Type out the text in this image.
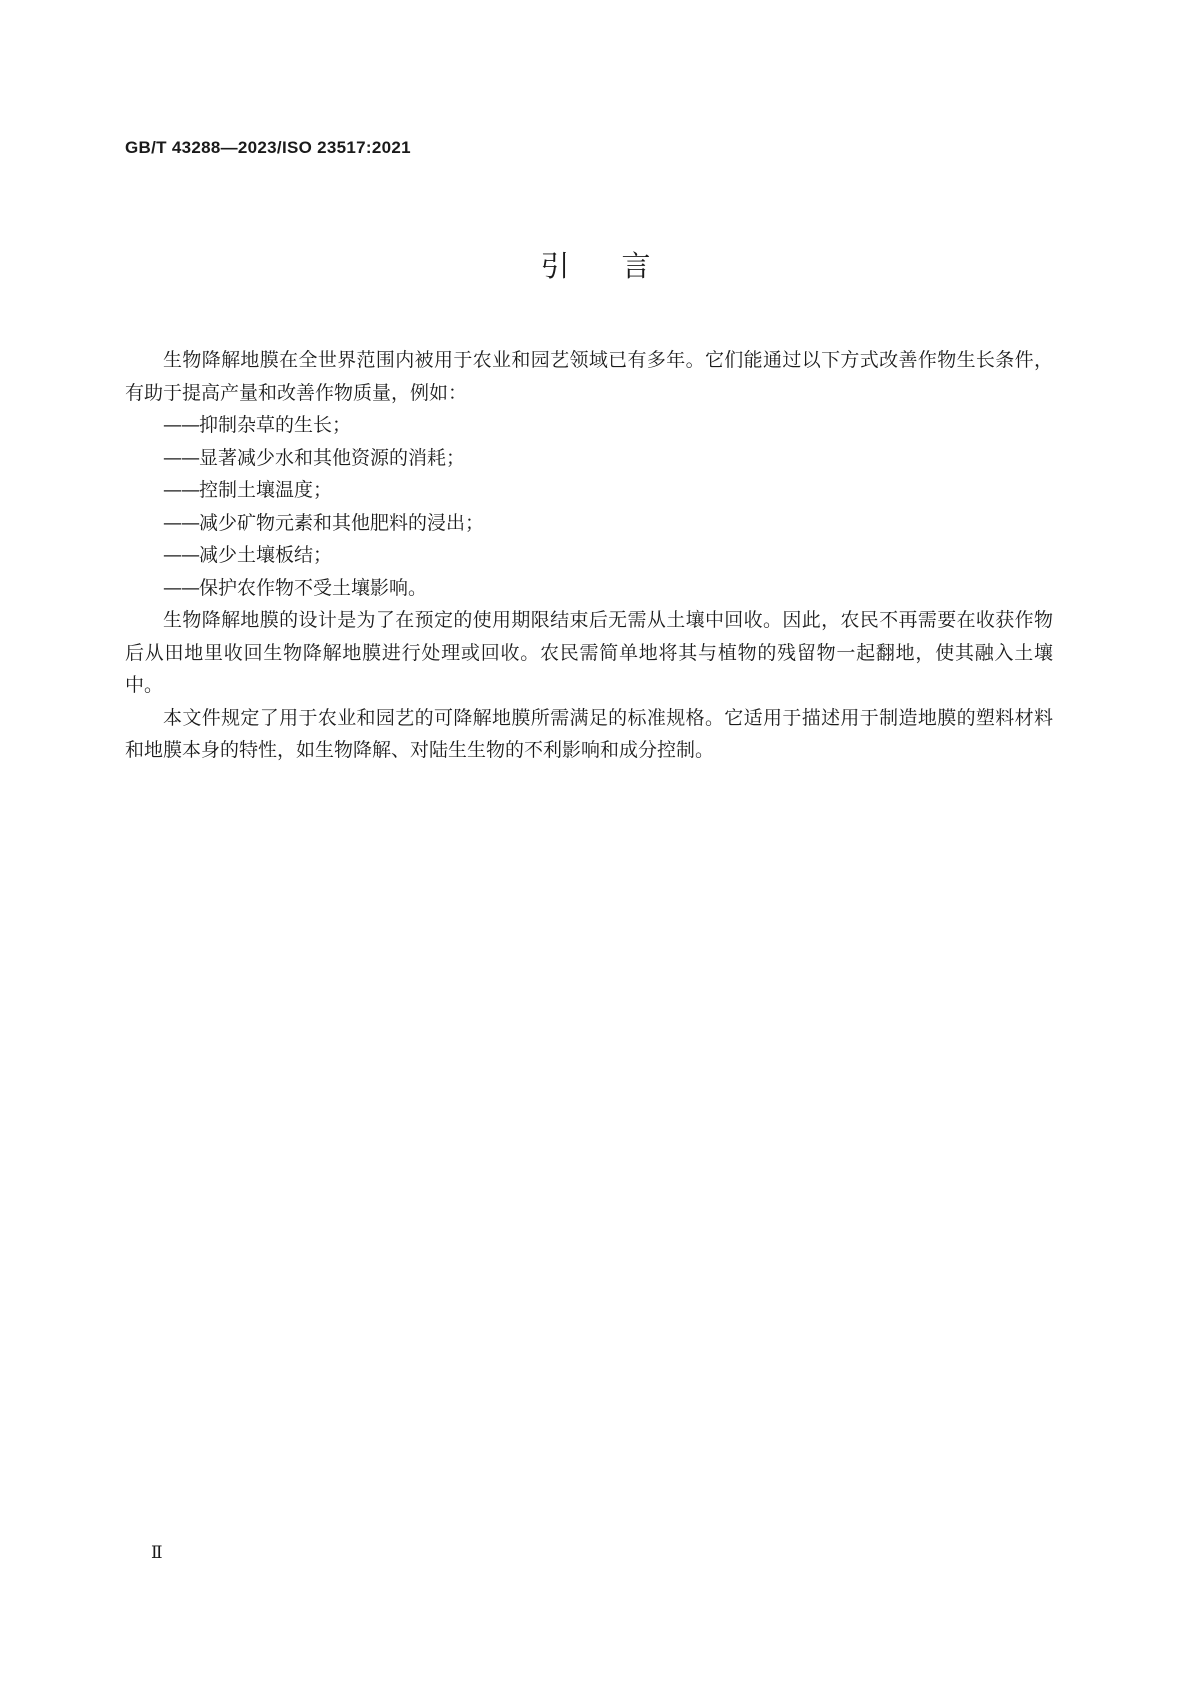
GB/T 43288—2023/ISO 23517:2021
引言

生物降解地膜在全世界范围内被用于农业和园艺领域已有多年。它们能通过以下方式改善作物生长条件，有助于提高产量和改善作物质量，例如：

——抑制杂草的生长；
——显著减少水和其他资源的消耗；
——控制土壤温度；
——减少矿物元素和其他肥料的浸出；
——减少土壤板结；
——保护农作物不受土壤影响。

生物降解地膜的设计是为了在预定的使用期限结束后无需从土壤中回收。因此，农民不再需要在收获作物后从田地里收回生物降解地膜进行处理或回收。农民需简单地将其与植物的残留物一起翻地，使其融入土壤中。

本文件规定了用于农业和园艺的可降解地膜所需满足的标准规格。它适用于描述用于制造地膜的塑料材料和地膜本身的特性，如生物降解、对陆生生物的不利影响和成分控制。

Ⅱ
